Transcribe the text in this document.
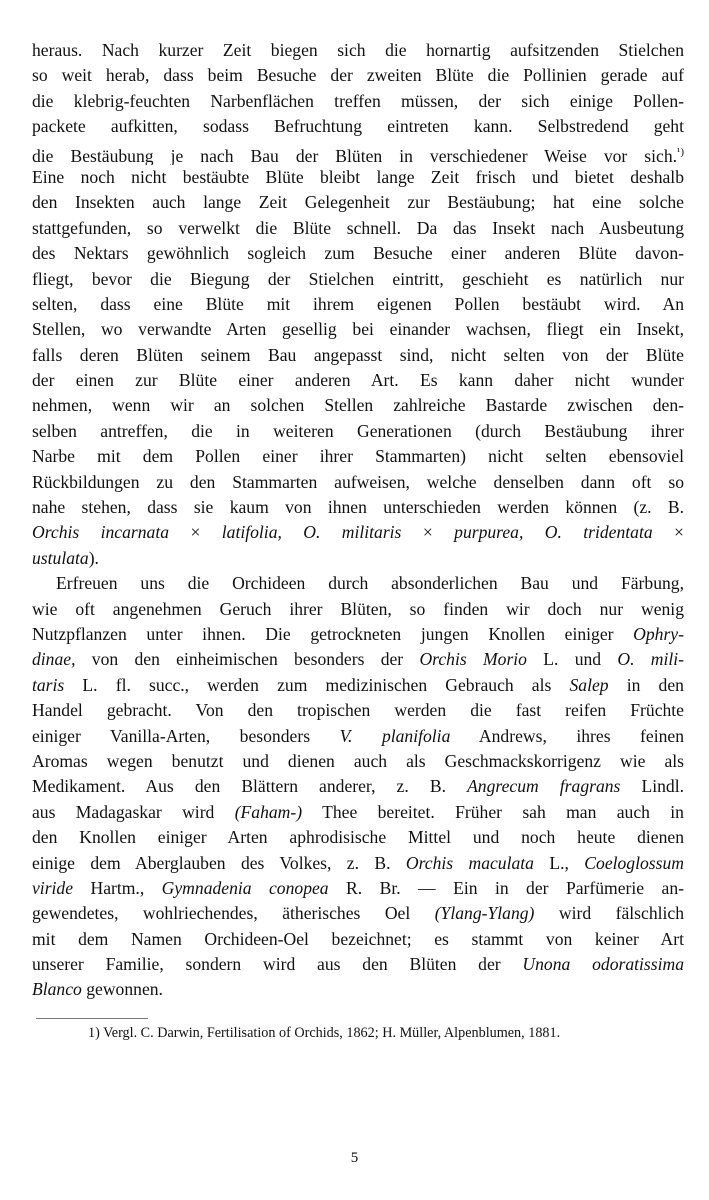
heraus. Nach kurzer Zeit biegen sich die hornartig aufsitzenden Stielchen
so weit herab, dass beim Besuche der zweiten Blüte die Pollinien gerade auf
die klebrig-feuchten Narbenflächen treffen müssen, der sich einige Pollen-
packete aufkitten, sodass Befruchtung eintreten kann. Selbstredend geht
die Bestäubung je nach Bau der Blüten in verschiedener Weise vor sich.$^{^1)}$
Eine noch nicht bestäubte Blüte bleibt lange Zeit frisch und bietet deshalb
den Insekten auch lange Zeit Gelegenheit zur Bestäubung; hat eine solche
stattgefunden, so verwelkt die Blüte schnell. Da das Insekt nach Ausbeutung
des Nektars gewöhnlich sogleich zum Besuche einer anderen Blüte davon-
fliegt, bevor die Biegung der Stielchen eintritt, geschieht es natürlich nur
selten, dass eine Blüte mit ihrem eigenen Pollen bestäubt wird. An
Stellen, wo verwandte Arten gesellig bei einander wachsen, fliegt ein Insekt,
falls deren Blüten seinem Bau angepasst sind, nicht selten von der Blüte
der einen zur Blüte einer anderen Art. Es kann daher nicht wunder
nehmen, wenn wir an solchen Stellen zahlreiche Bastarde zwischen den-
selben antreffen, die in weiteren Generationen (durch Bestäubung ihrer
Narbe mit dem Pollen einer ihrer Stammarten) nicht selten ebensoviel
Rückbildungen zu den Stammarten aufweisen, welche denselben dann oft so
nahe stehen, dass sie kaum von ihnen unterschieden werden können (z. B.
Orchis incarnata × latifolia, O. militaris × purpurea, O. tridentata ×
ustulata).
Erfreuen uns die Orchideen durch absonderlichen Bau und Färbung,
wie oft angenehmen Geruch ihrer Blüten, so finden wir doch nur wenig
Nutzpflanzen unter ihnen. Die getrockneten jungen Knollen einiger Ophry-
dinae, von den einheimischen besonders der Orchis Morio L. und O. mili-
taris L. fl. succ., werden zum medizinischen Gebrauch als Salep in den
Handel gebracht. Von den tropischen werden die fast reifen Früchte
einiger Vanilla-Arten, besonders V. planifolia Andrews, ihres feinen
Aromas wegen benutzt und dienen auch als Geschmackskorrigenz wie als
Medikament. Aus den Blättern anderer, z. B. Angrecum fragrans Lindl.
aus Madagaskar wird (Faham-) Thee bereitet. Früher sah man auch in
den Knollen einiger Arten aphrodisische Mittel und noch heute dienen
einige dem Aberglauben des Volkes, z. B. Orchis maculata L., Coeloglossum
viride Hartm., Gymnadenia conopea R. Br. — Ein in der Parfümerie an-
gewendetes, wohlriechendes, ätherisches Oel (Ylang-Ylang) wird fälschlich
mit dem Namen Orchideen-Oel bezeichnet; es stammt von keiner Art
unserer Familie, sondern wird aus den Blüten der Unona odoratissima
Blanco gewonnen.
1) Vergl. C. Darwin, Fertilisation of Orchids, 1862; H. Müller, Alpenblumen, 1881.
5
